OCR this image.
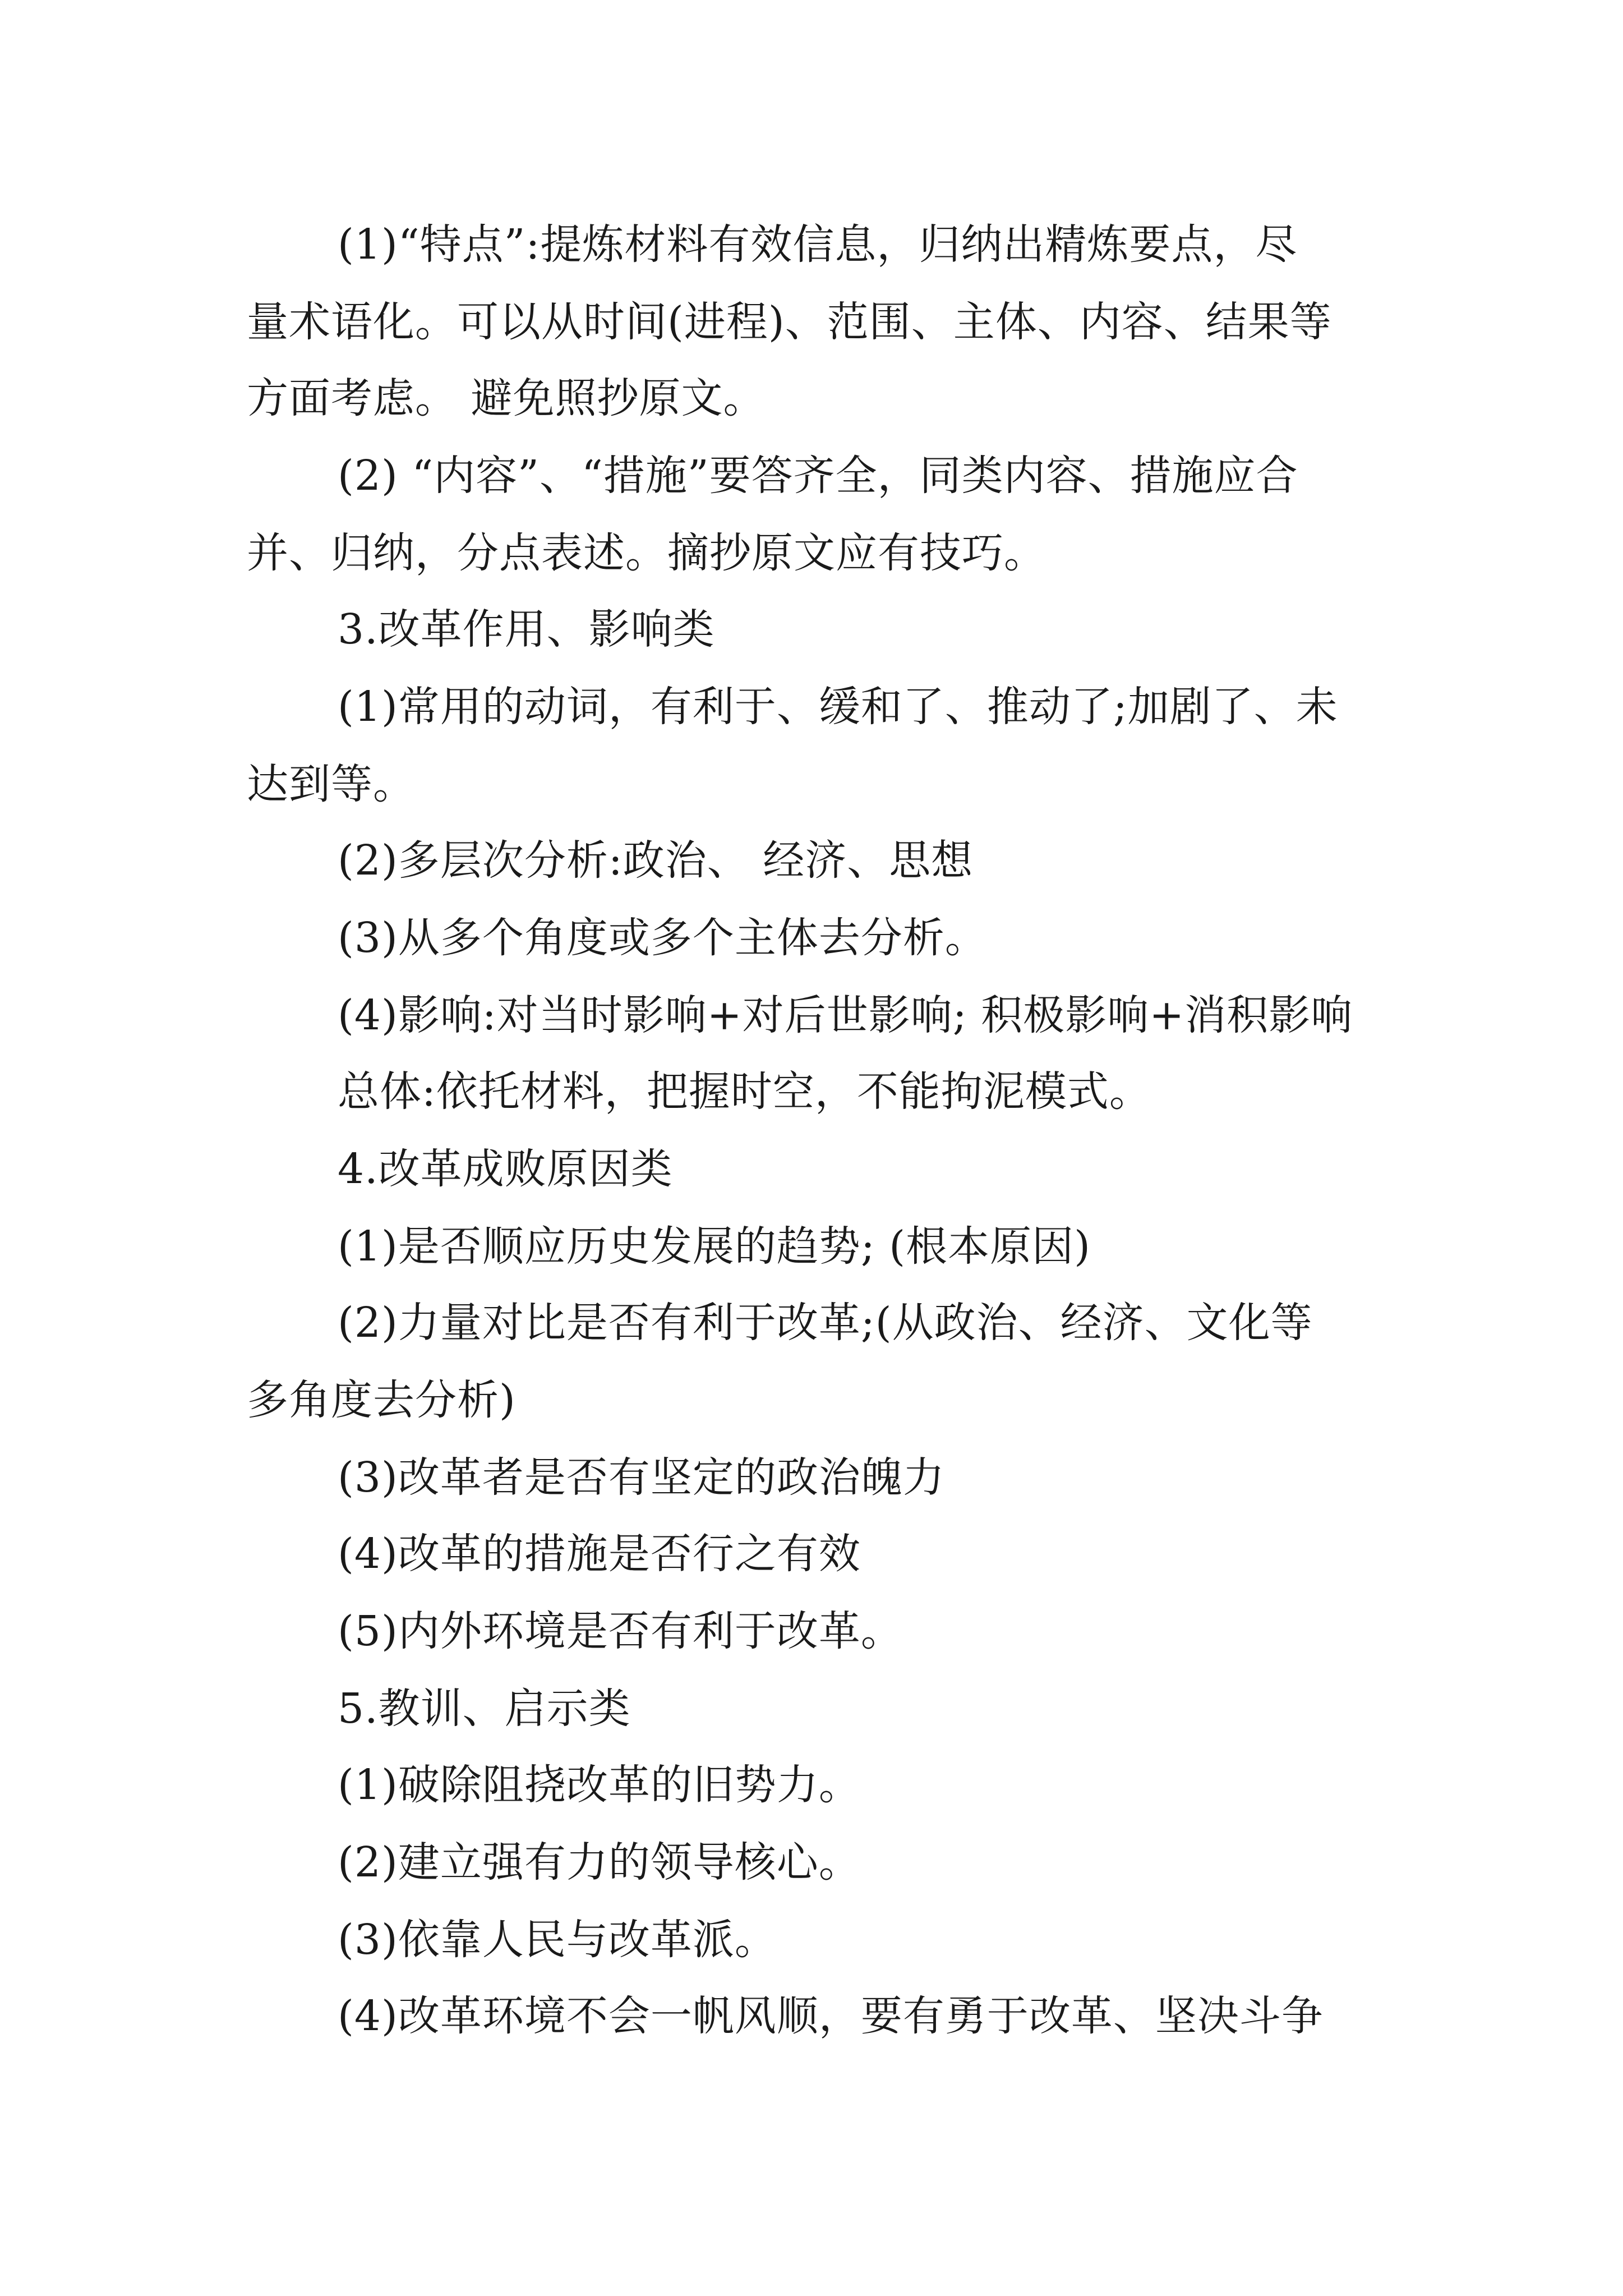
(1)“特点”:提炼材料有效信息，归纳出精炼要点，尽
量术语化。可以从时间(进程)、范围、主体、内容、结果等
方面考虑。 避免照抄原文。
(2) “内容”、“措施”要答齐全，同类内容、措施应合
并、归纳，分点表述。摘抄原文应有技巧。
3.改革作用、影响类
(1)常用的动词，有利于、缓和了、推动了;加剧了、未
达到等。
(2)多层次分析:政治、 经济、思想
(3)从多个角度或多个主体去分析。
(4)影响:对当时影响+对后世影响; 积极影响+消积影响
总体:依托材料，把握时空，不能拘泥模式。
4.改革成败原因类
(1)是否顺应历史发展的趋势; (根本原因)
(2)力量对比是否有利于改革;(从政治、经济、文化等
多角度去分析)
(3)改革者是否有坚定的政治魄力
(4)改革的措施是否行之有效
(5)内外环境是否有利于改革。
5.教训、启示类
(1)破除阻挠改革的旧势力。
(2)建立强有力的领导核心。
(3)依靠人民与改革派。
(4)改革环境不会一帆风顺，要有勇于改革、坚决斗争
